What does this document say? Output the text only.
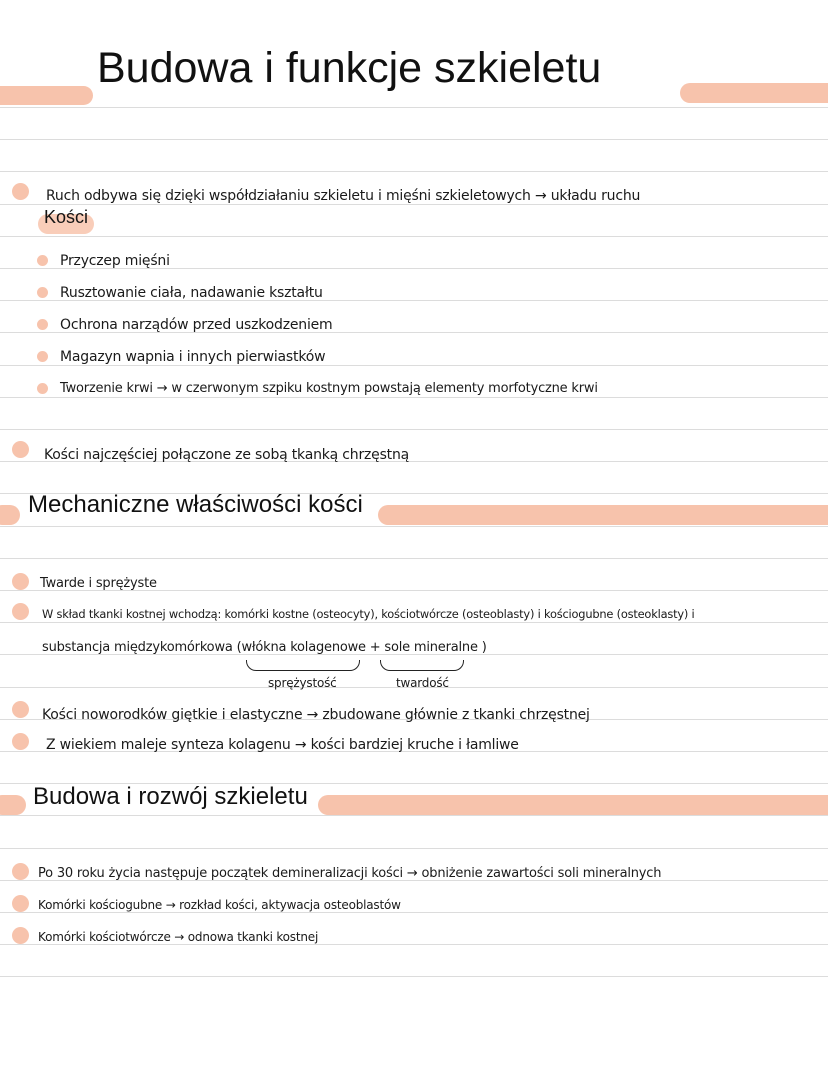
Budowa i funkcje szkieletu
Ruch odbywa się dzięki współdziałaniu szkieletu i mięśni szkieletowych → układu ruchu
Kości
Przyczep mięśni
Rusztowanie ciała, nadawanie kształtu
Ochrona narządów przed uszkodzeniem
Magazyn wapnia i innych pierwiastków
Tworzenie krwi → w czerwonym szpiku kostnym powstają elementy morfotyczne krwi
Kości najczęściej połączone ze sobą tkanką chrzęstną
Mechaniczne właściwości kości
Twarde i sprężyste
W skład tkanki kostnej wchodzą: komórki kostne (osteocyty), kościotwórcze (osteoblasty) i kościogubne (osteoklasty) i
substancja międzykomórkowa (włókna kolagenowe + sole mineralne )
sprężystość	twardość
Kości noworodków giętkie i elastyczne → zbudowane głównie z tkanki chrzęstnej
Z wiekiem maleje synteza kolagenu → kości bardziej kruche i łamliwe
Budowa i rozwój szkieletu
Po 30 roku życia następuje początek demineralizacji kości → obniżenie zawartości soli mineralnych
Komórki kościogubne → rozkład kości, aktywacja osteoblastów
Komórki kościotwórcze → odnowa tkanki kostnej
